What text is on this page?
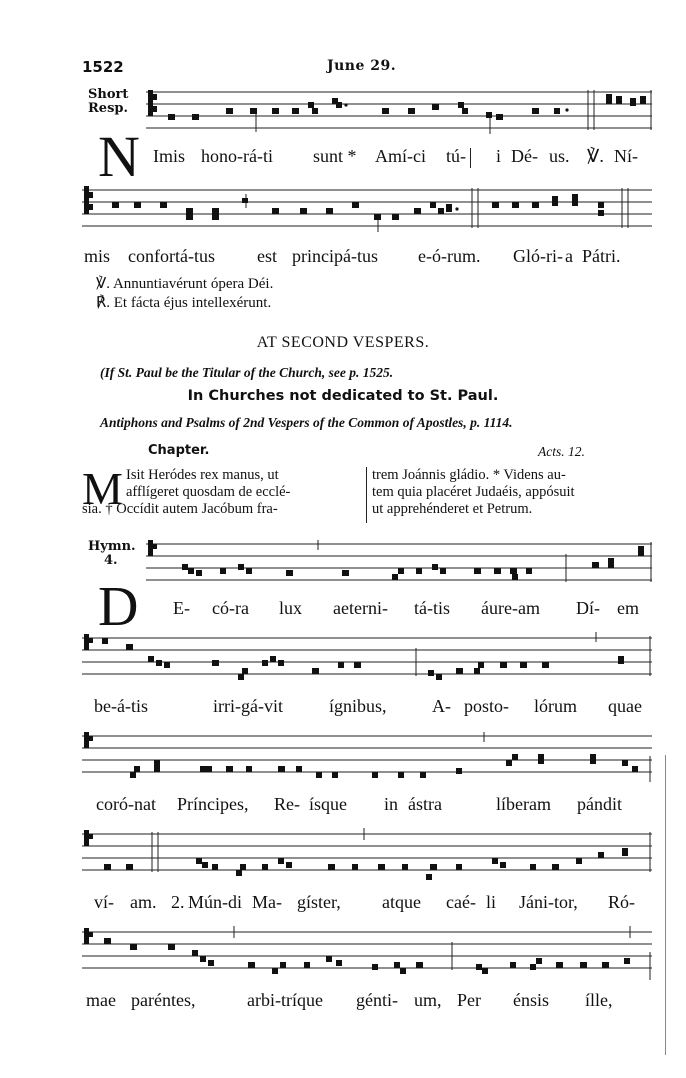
1522	June 29.
Short
Resp.
N Imis hono-rá-ti sunt * Amí-ci tú- i Dé- us. ℣. Ní-
mis confortá-tus est principá-tus e-ó-rum. Gló-ri- a Pátri.
℣. Annuntiavérunt ópera Déi.
℟. Et fácta éjus intellexérunt.
AT SECOND VESPERS.
(If St. Paul be the Titular of the Church, see p. 1525.
In Churches not dedicated to St. Paul.
Antiphons and Psalms of 2nd Vespers of the Common of Apostles, p. 1114.
Chapter.	Acts. 12.
M Isit Heródes rex manus, ut
afflígeret quosdam de ecclé-
sia. † Occídit autem Jacóbum fra-
trem Joánnis gládio. * Videns au-
tem quia placéret Judaéis, appósuit
ut apprehénderet et Petrum.
Hymn.
4.
D E- có-ra lux aeterni- tá-tis áure-am Dí- em
be-á-tis	irri-gá-vit	ígnibus,	A- posto- lórum quae
coró-nat Príncipes, Re- ísque in ástra	líberam pándit
ví- am. 2. Mún-di Ma- gíster, atque caé- li Jáni-tor, Ró-
mae paréntes,	arbi-tríque génti- um, Per énsis ílle,
